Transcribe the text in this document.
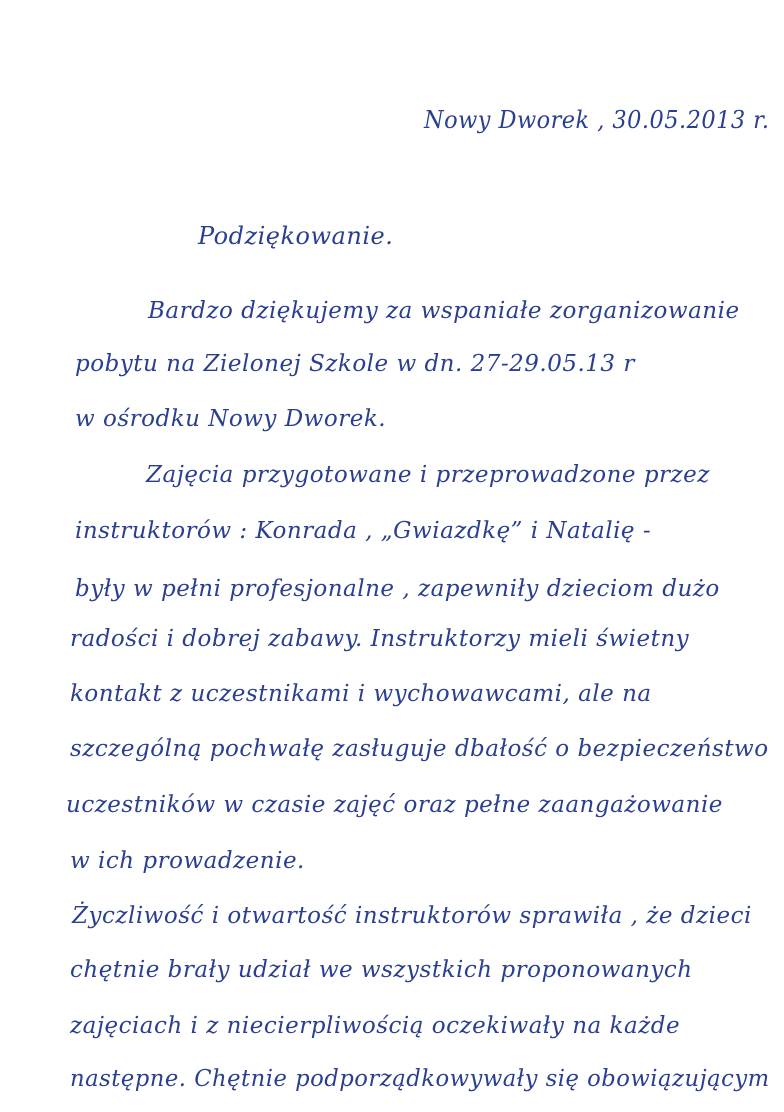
Nowy Dworek , 30.05.2013 r.
Podziękowanie.
Bardzo dziękujemy za wspaniałe zorganizowanie
pobytu na Zielonej Szkole w dn. 27-29.05.13 r
w ośrodku Nowy Dworek.
Zajęcia przygotowane i przeprowadzone przez
instruktorów : Konrada , „Gwiazdkę” i Natalię -
były w pełni profesjonalne , zapewniły dzieciom dużo
radości i dobrej zabawy. Instruktorzy mieli świetny
kontakt z uczestnikami i wychowawcami, ale na
szczególną pochwałę zasługuje dbałość o bezpieczeństwo
uczestników w czasie zajęć oraz pełne zaangażowanie
w ich prowadzenie.
Życzliwość i otwartość instruktorów sprawiła , że dzieci
chętnie brały udział we wszystkich proponowanych
zajęciach i z niecierpliwością oczekiwały na każde
następne. Chętnie podporządkowywały się obowiązującym
